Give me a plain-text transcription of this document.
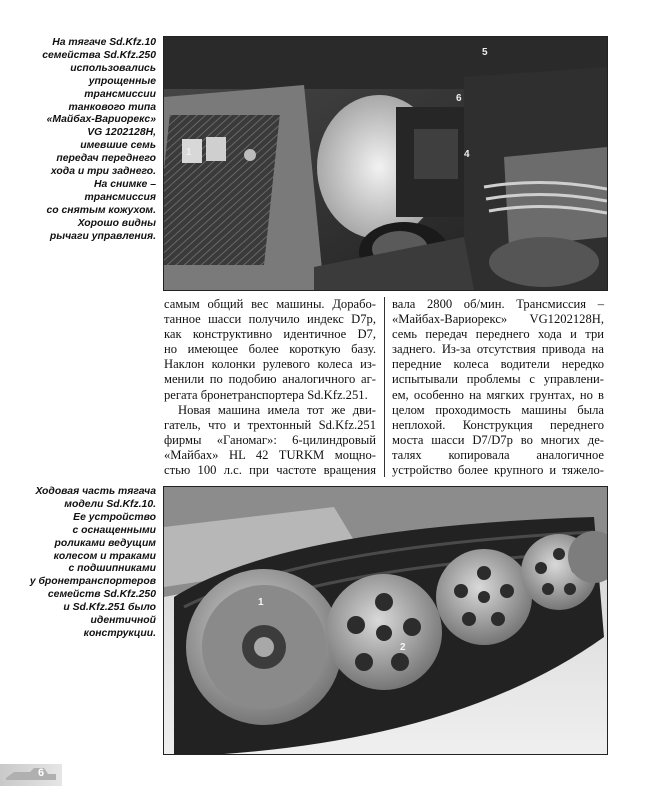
На тягаче Sd.Kfz.10
семейства Sd.Kfz.250
использовались
упрощенные
трансмиссии
танкового типа
«Майбах-Вариорекс»
VG 1202128H,
имевшие семь
передач переднего
хода и три заднего.
На снимке –
трансмиссия
со снятым кожухом.
Хорошо видны
рычаги управления.
1
5
6
4
самым общий вес машины. Дорабо-
танное шасси получило индекс D7р,
как конструктивно идентичное D7,
но имеющее более короткую базу.
Наклон колонки рулевого колеса из-
менили по подобию аналогичного аг-
регата бронетранспортера Sd.Kfz.251.
Новая машина имела тот же дви-
гатель, что и трехтонный Sd.Kfz.251
фирмы «Ганомаг»: 6-цилиндровый
«Майбах» HL 42 TURKM мощно-
стью 100 л.с. при частоте вращения
вала 2800 об/мин. Трансмиссия –
«Майбах-Вариорекс» VG1202128H,
семь передач переднего хода и три
заднего. Из-за отсутствия привода на
передние колеса водители нередко
испытывали проблемы с управлени-
ем, особенно на мягких грунтах, но в
целом проходимость машины была
неплохой. Конструкция переднего
моста шасси D7/D7р во многих де-
талях копировала аналогичное
устройство более крупного и тяжело-
Ходовая часть тягача
модели Sd.Kfz.10.
Ее устройство
с оснащенными
роликами ведущим
колесом и траками
с подшипниками
у бронетранспортеров
семейств Sd.Kfz.250
и Sd.Kfz.251 было
идентичной
конструкции.
1
2
6
